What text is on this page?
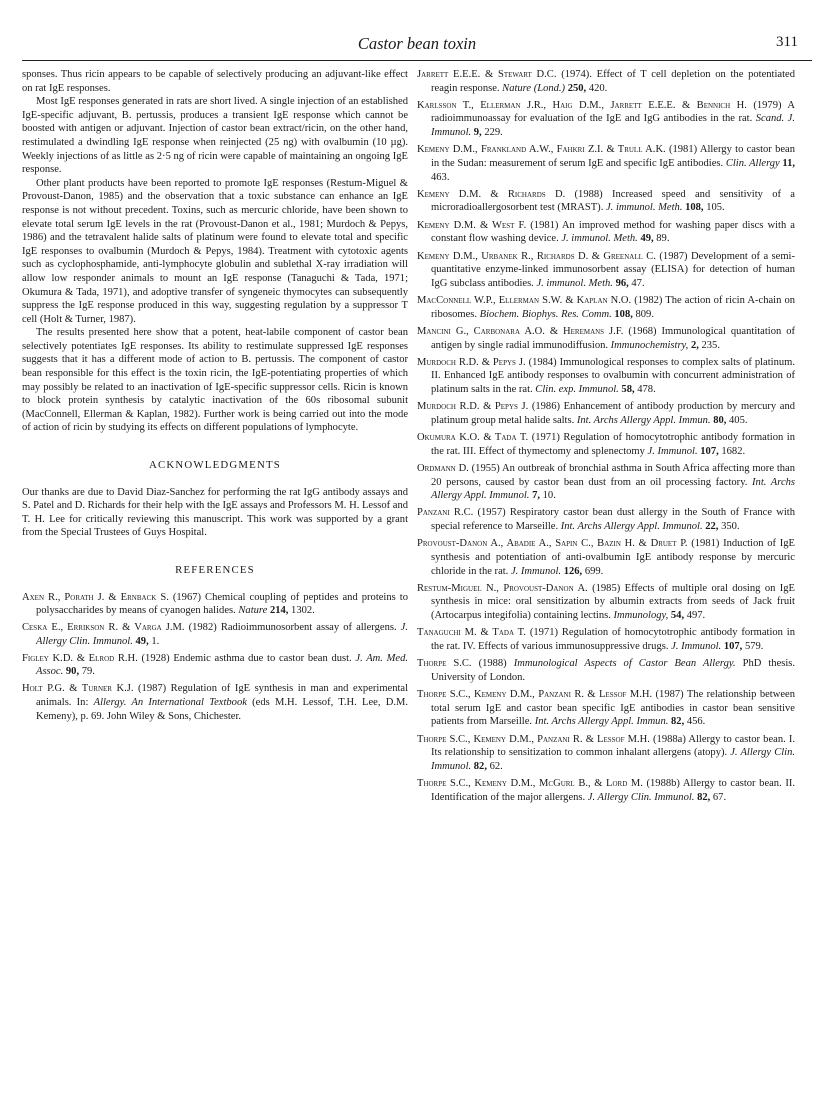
Castor bean toxin	311

sponses. Thus ricin appears to be capable of selectively producing an adjuvant-like effect on rat IgE responses.

Most IgE responses generated in rats are short lived. A single injection of an established IgE-specific adjuvant, B. pertussis, produces a transient IgE response which cannot be boosted with antigen or adjuvant. Injection of castor bean extract/ricin, on the other hand, restimulated a dwindling IgE response when reinjected (25 ng) with ovalbumin (10 µg). Weekly injections of as little as 2·5 ng of ricin were capable of maintaining an ongoing IgE response.

Other plant products have been reported to promote IgE responses (Restum-Miguel & Provoust-Danon, 1985) and the observation that a toxic substance can enhance an IgE response is not without precedent. Toxins, such as mercuric chloride, have been shown to elevate total serum IgE levels in the rat (Provoust-Danon et al., 1981; Murdoch & Pepys, 1986) and the tetravalent halide salts of platinum were found to elevate total and specific IgE responses to ovalbumin (Murdoch & Pepys, 1984). Treatment with cytotoxic agents such as cyclophosphamide, anti-lymphocyte globulin and sublethal X-ray irradiation will allow low responder animals to mount an IgE response (Tanaguchi & Tada, 1971; Okumura & Tada, 1971), and adoptive transfer of syngeneic thymocytes can subsequently suppress the IgE response produced in this way, suggesting regulation by a suppressor T cell (Holt & Turner, 1987).

The results presented here show that a potent, heat-labile component of castor bean selectively potentiates IgE responses. Its ability to restimulate suppressed IgE responses suggests that it has a different mode of action to B. pertussis. The component of castor bean responsible for this effect is the toxin ricin, the IgE-potentiating properties of which may possibly be related to an inactivation of IgE-specific suppressor cells. Ricin is known to block protein synthesis by catalytic inactivation of the 60s ribosomal subunit (MacConnell, Ellerman & Kaplan, 1982). Further work is being carried out into the mode of action of ricin by studying its effects on different populations of lymphocyte.

ACKNOWLEDGMENTS

Our thanks are due to David Diaz-Sanchez for performing the rat IgG antibody assays and S. Patel and D. Richards for their help with the IgE assays and Professors M. H. Lessof and T. H. Lee for critically reviewing this manuscript. This work was supported by a grant from the Special Trustees of Guys Hospital.

REFERENCES

Axen R., Porath J. & Ernback S. (1967) Chemical coupling of peptides and proteins to polysaccharides by means of cyanogen halides. Nature 214, 1302.

Ceska E., Errikson R. & Varga J.M. (1982) Radioimmunosorbent assay of allergens. J. Allergy Clin. Immunol. 49, 1.

Figley K.D. & Elrod R.H. (1928) Endemic asthma due to castor bean dust. J. Am. Med. Assoc. 90, 79.

Holt P.G. & Turner K.J. (1987) Regulation of IgE synthesis in man and experimental animals. In: Allergy. An International Textbook (eds M.H. Lessof, T.H. Lee, D.M. Kemeny), p. 69. John Wiley & Sons, Chichester.

Jarrett E.E.E. & Stewart D.C. (1974). Effect of T cell depletion on the potentiated reagin response. Nature (Lond.) 250, 420.

Karlsson T., Ellerman J.R., Haig D.M., Jarrett E.E.E. & Bennich H. (1979) A radioimmunoassay for evaluation of the IgE and IgG antibodies in the rat. Scand. J. Immunol. 9, 229.

Kemeny D.M., Frankland A.W., Fahkri Z.I. & Trull A.K. (1981) Allergy to castor bean in the Sudan: measurement of serum IgE and specific IgE antibodies. Clin. Allergy 11, 463.

Kemeny D.M. & Richards D. (1988) Increased speed and sensitivity of a microradioallergosorbent test (MRAST). J. immunol. Meth. 108, 105.

Kemeny D.M. & West F. (1981) An improved method for washing paper discs with a constant flow washing device. J. immunol. Meth. 49, 89.

Kemeny D.M., Urbanek R., Richards D. & Greenall C. (1987) Development of a semi-quantitative enzyme-linked immunosorbent assay (ELISA) for detection of human IgG subclass antibodies. J. immunol. Meth. 96, 47.

MacConnell W.P., Ellerman S.W. & Kaplan N.O. (1982) The action of ricin A-chain on ribosomes. Biochem. Biophys. Res. Comm. 108, 809.

Mancini G., Carbonara A.O. & Heremans J.F. (1968) Immunological quantitation of antigen by single radial immunodiffusion. Immunochemistry, 2, 235.

Murdoch R.D. & Pepys J. (1984) Immunological responses to complex salts of platinum. II. Enhanced IgE antibody responses to ovalbumin with concurrent administration of platinum salts in the rat. Clin. exp. Immunol. 58, 478.

Murdoch R.D. & Pepys J. (1986) Enhancement of antibody production by mercury and platinum group metal halide salts. Int. Archs Allergy Appl. Immun. 80, 405.

Okumura K.O. & Tada T. (1971) Regulation of homocytotrophic antibody formation in the rat. III. Effect of thymectomy and splenectomy J. Immunol. 107, 1682.

Ordmann D. (1955) An outbreak of bronchial asthma in South Africa affecting more than 20 persons, caused by castor bean dust from an oil processing factory. Int. Archs Allergy Appl. Immunol. 7, 10.

Panzani R.C. (1957) Respiratory castor bean dust allergy in the South of France with special reference to Marseille. Int. Archs Allergy Appl. Immunol. 22, 350.

Provoust-Danon A., Abadie A., Sapin C., Bazin H. & Druet P. (1981) Induction of IgE synthesis and potentiation of anti-ovalbumin IgE antibody response by mercuric chloride in the rat. J. Immunol. 126, 699.

Restum-Miguel N., Provoust-Danon A. (1985) Effects of multiple oral dosing on IgE synthesis in mice: oral sensitization by albumin extracts from seeds of Jack fruit (Artocarpus integifolia) containing lectins. Immunology, 54, 497.

Tanaguchi M. & Tada T. (1971) Regulation of homocytotrophic antibody formation in the rat. IV. Effects of various immunosuppressive drugs. J. Immunol. 107, 579.

Thorpe S.C. (1988) Immunological Aspects of Castor Bean Allergy. PhD thesis. University of London.

Thorpe S.C., Kemeny D.M., Panzani R. & Lessof M.H. (1987) The relationship between total serum IgE and castor bean specific IgE antibodies in castor bean sensitive patients from Marseille. Int. Archs Allergy Appl. Immun. 82, 456.

Thorpe S.C., Kemeny D.M., Panzani R. & Lessof M.H. (1988a) Allergy to castor bean. I. Its relationship to sensitization to common inhalant allergens (atopy). J. Allergy Clin. Immunol. 82, 62.

Thorpe S.C., Kemeny D.M., McGurl B., & Lord M. (1988b) Allergy to castor bean. II. Identification of the major allergens. J. Allergy Clin. Immunol. 82, 67.
